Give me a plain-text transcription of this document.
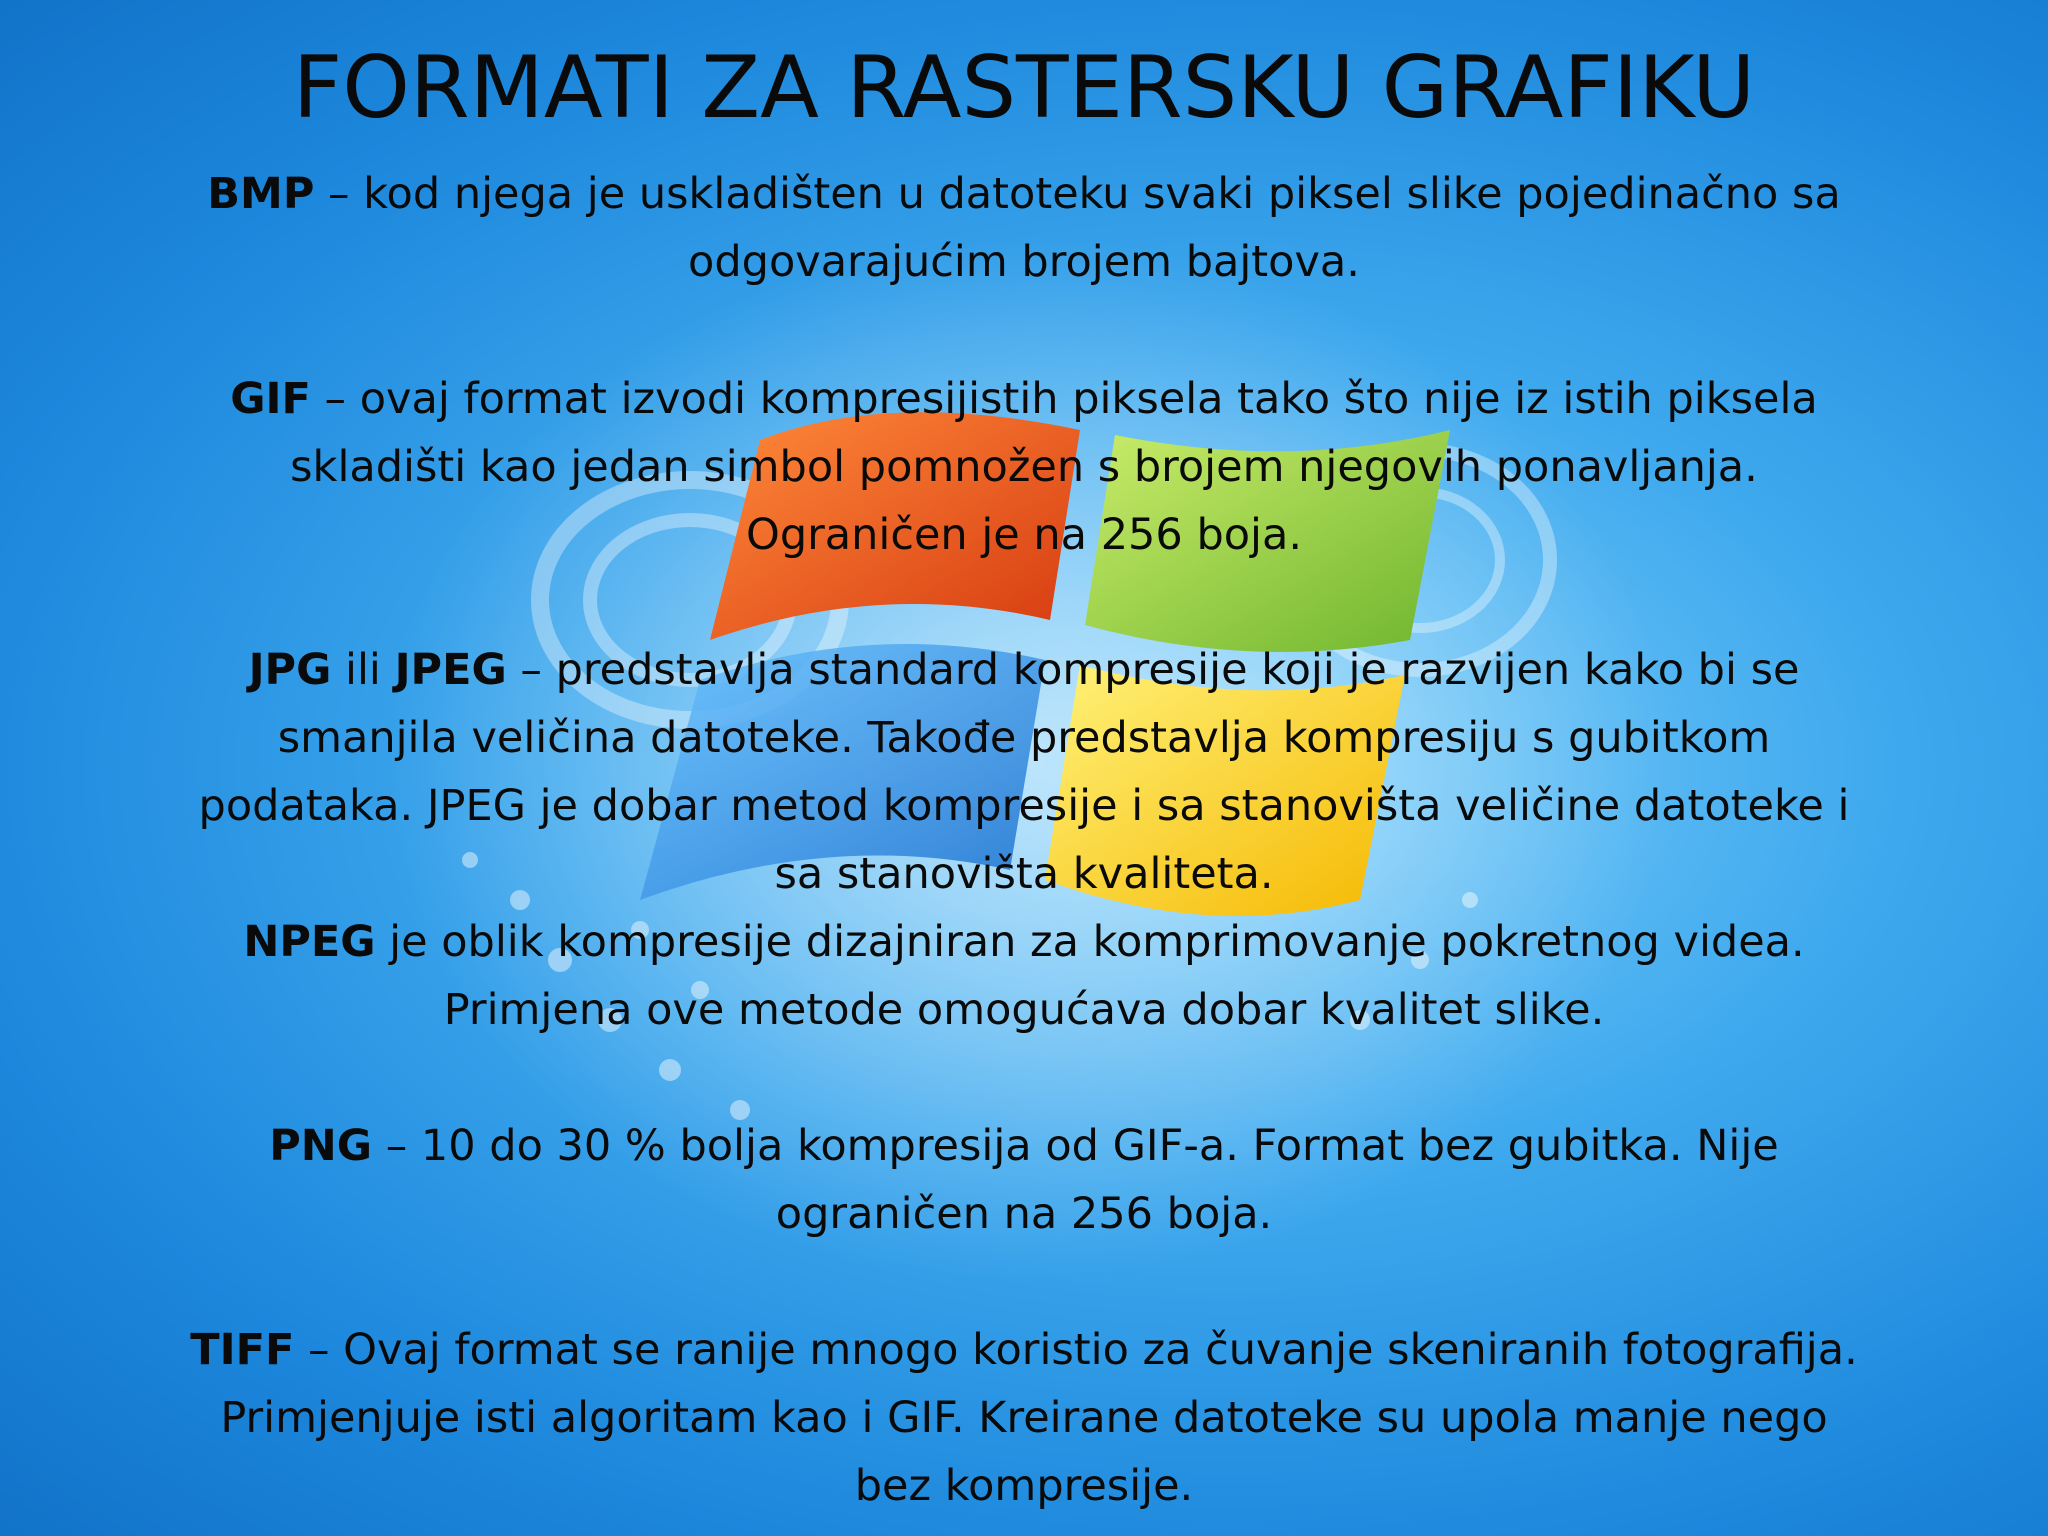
FORMATI ZA RASTERSKU GRAFIKU

BMP – kod njega je uskladišten u datoteku svaki piksel slike pojedinačno sa
odgovarajućim brojem bajtova.

GIF – ovaj format izvodi kompresijistih piksela tako što nije iz istih piksela
skladišti kao jedan simbol pomnožen s brojem njegovih ponavljanja.
Ograničen je na 256 boja.

JPG ili JPEG – predstavlja standard kompresije koji je razvijen kako bi se
smanjila veličina datoteke. Takođe predstavlja kompresiju s gubitkom
podataka. JPEG je dobar metod kompresije i sa stanovišta veličine datoteke i
sa stanovišta kvaliteta.

NPEG je oblik kompresije dizajniran za komprimovanje pokretnog videa.
Primjena ove metode omogućava dobar kvalitet slike.

PNG – 10 do 30 % bolja kompresija od GIF-a. Format bez gubitka. Nije
ograničen na 256 boja.

TIFF – Ovaj format se ranije mnogo koristio za čuvanje skeniranih fotografija.
Primjenjuje isti algoritam kao i GIF. Kreirane datoteke su upola manje nego
bez kompresije.
